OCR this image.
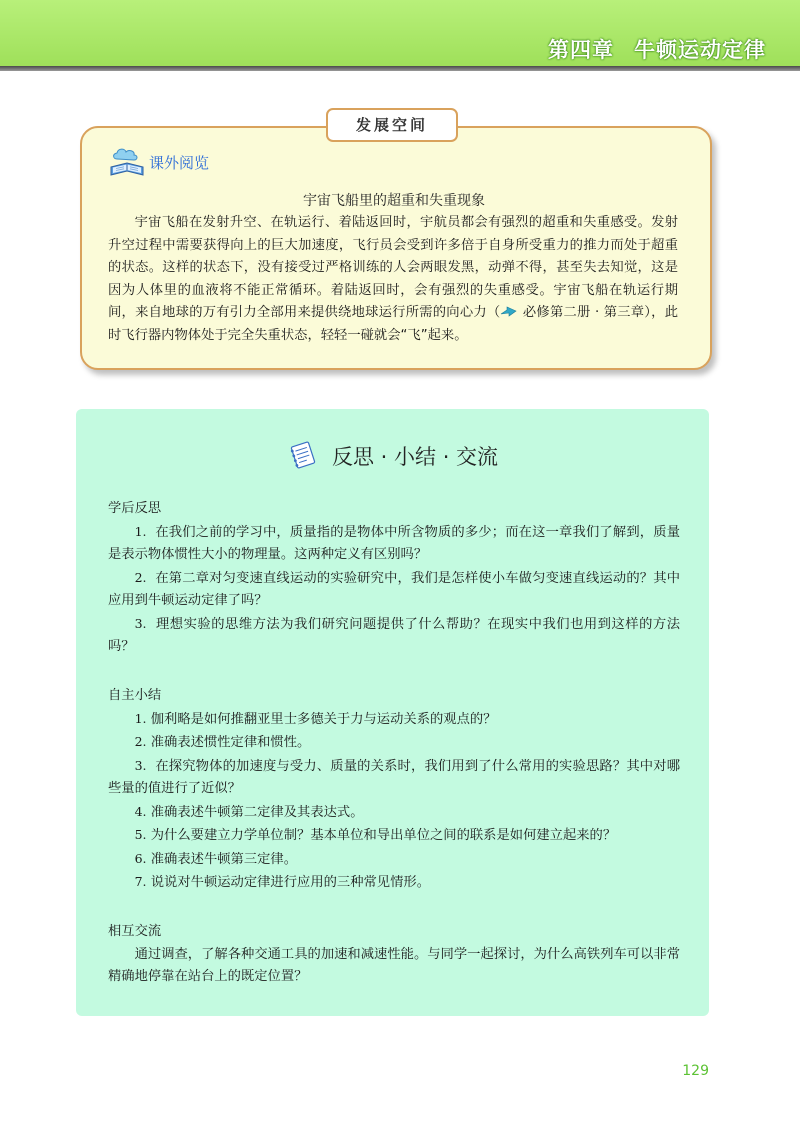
第四章 牛顿运动定律
发展空间
课外阅览
宇宙飞船里的超重和失重现象

宇宙飞船在发射升空、在轨运行、着陆返回时，宇航员都会有强烈的超重和失重感受。发射升空过程中需要获得向上的巨大加速度，飞行员会受到许多倍于自身所受重力的推力而处于超重的状态。这样的状态下，没有接受过严格训练的人会两眼发黑，动弹不得，甚至失去知觉，这是因为人体里的血液将不能正常循环。着陆返回时，会有强烈的失重感受。宇宙飞船在轨运行期间，来自地球的万有引力全部用来提供绕地球运行所需的向心力（ 必修第二册 · 第三章），此时飞行器内物体处于完全失重状态，轻轻一碰就会“飞”起来。

反思 · 小结 · 交流

学后反思

1. 在我们之前的学习中，质量指的是物体中所含物质的多少；而在这一章我们了解到，质量是表示物体惯性大小的物理量。这两种定义有区别吗？

2. 在第二章对匀变速直线运动的实验研究中，我们是怎样使小车做匀变速直线运动的？其中应用到牛顿运动定律了吗？

3. 理想实验的思维方法为我们研究问题提供了什么帮助？在现实中我们也用到这样的方法吗？

自主小结

1. 伽利略是如何推翻亚里士多德关于力与运动关系的观点的？

2. 准确表述惯性定律和惯性。

3. 在探究物体的加速度与受力、质量的关系时，我们用到了什么常用的实验思路？其中对哪些量的值进行了近似？

4. 准确表述牛顿第二定律及其表达式。

5. 为什么要建立力学单位制？基本单位和导出单位之间的联系是如何建立起来的？

6. 准确表述牛顿第三定律。

7. 说说对牛顿运动定律进行应用的三种常见情形。

相互交流

通过调查，了解各种交通工具的加速和减速性能。与同学一起探讨，为什么高铁列车可以非常精确地停靠在站台上的既定位置？

129
